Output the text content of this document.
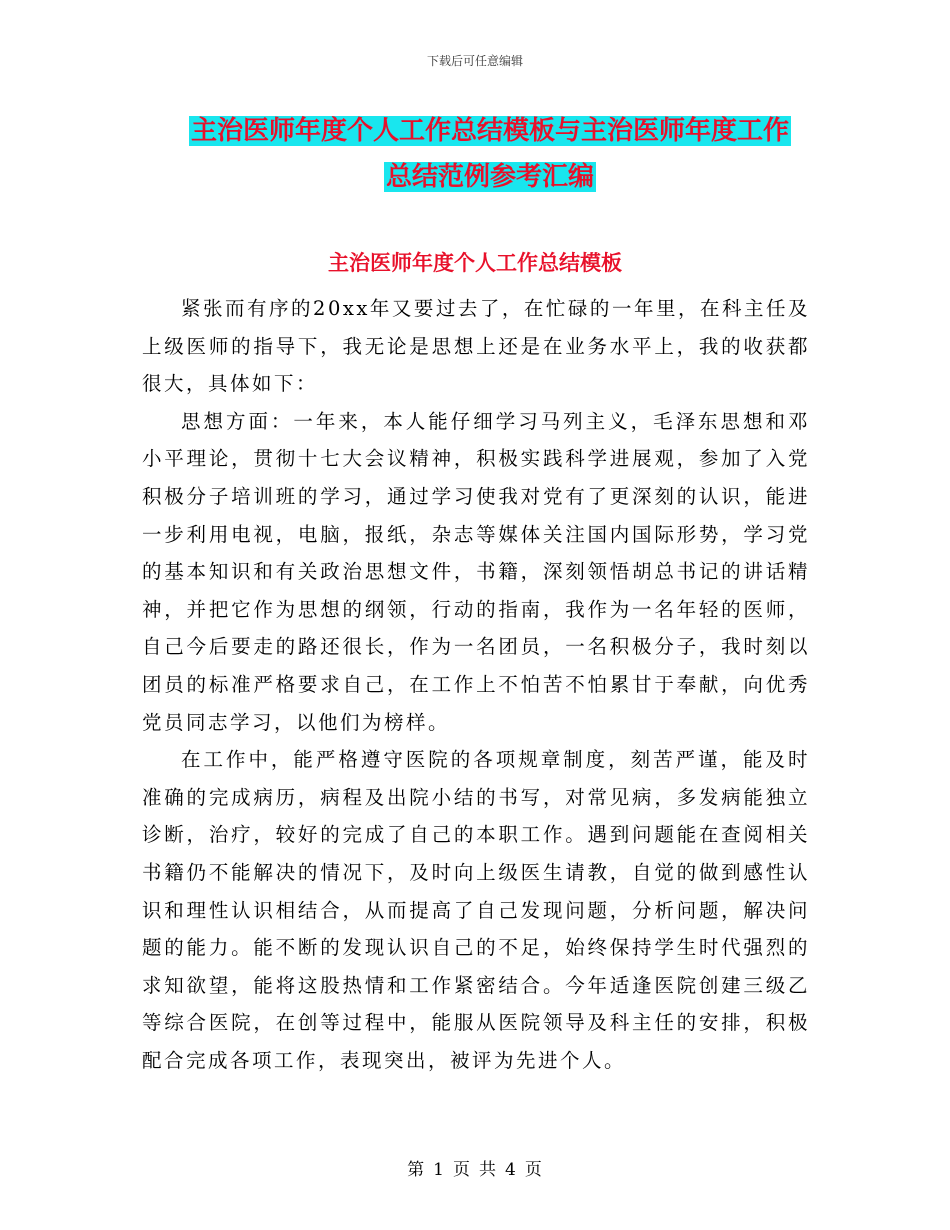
下载后可任意编辑
主治医师年度个人工作总结模板与主治医师年度工作
总结范例参考汇编
主治医师年度个人工作总结模板

紧张而有序的20xx年又要过去了，在忙碌的一年里，在科主任及上级医师的指导下，我无论是思想上还是在业务水平上，我的收获都很大，具体如下：

思想方面：一年来，本人能仔细学习马列主义，毛泽东思想和邓小平理论，贯彻十七大会议精神，积极实践科学进展观，参加了入党积极分子培训班的学习，通过学习使我对党有了更深刻的认识，能进一步利用电视，电脑，报纸，杂志等媒体关注国内国际形势，学习党的基本知识和有关政治思想文件，书籍，深刻领悟胡总书记的讲话精神，并把它作为思想的纲领，行动的指南，我作为一名年轻的医师，自己今后要走的路还很长，作为一名团员，一名积极分子，我时刻以团员的标准严格要求自己，在工作上不怕苦不怕累甘于奉献，向优秀党员同志学习，以他们为榜样。

在工作中，能严格遵守医院的各项规章制度，刻苦严谨，能及时准确的完成病历，病程及出院小结的书写，对常见病，多发病能独立诊断，治疗，较好的完成了自己的本职工作。遇到问题能在查阅相关书籍仍不能解决的情况下，及时向上级医生请教，自觉的做到感性认识和理性认识相结合，从而提高了自己发现问题，分析问题，解决问题的能力。能不断的发现认识自己的不足，始终保持学生时代强烈的求知欲望，能将这股热情和工作紧密结合。今年适逢医院创建三级乙等综合医院，在创等过程中，能服从医院领导及科主任的安排，积极配合完成各项工作，表现突出，被评为先进个人。

第 1 页 共 4 页
